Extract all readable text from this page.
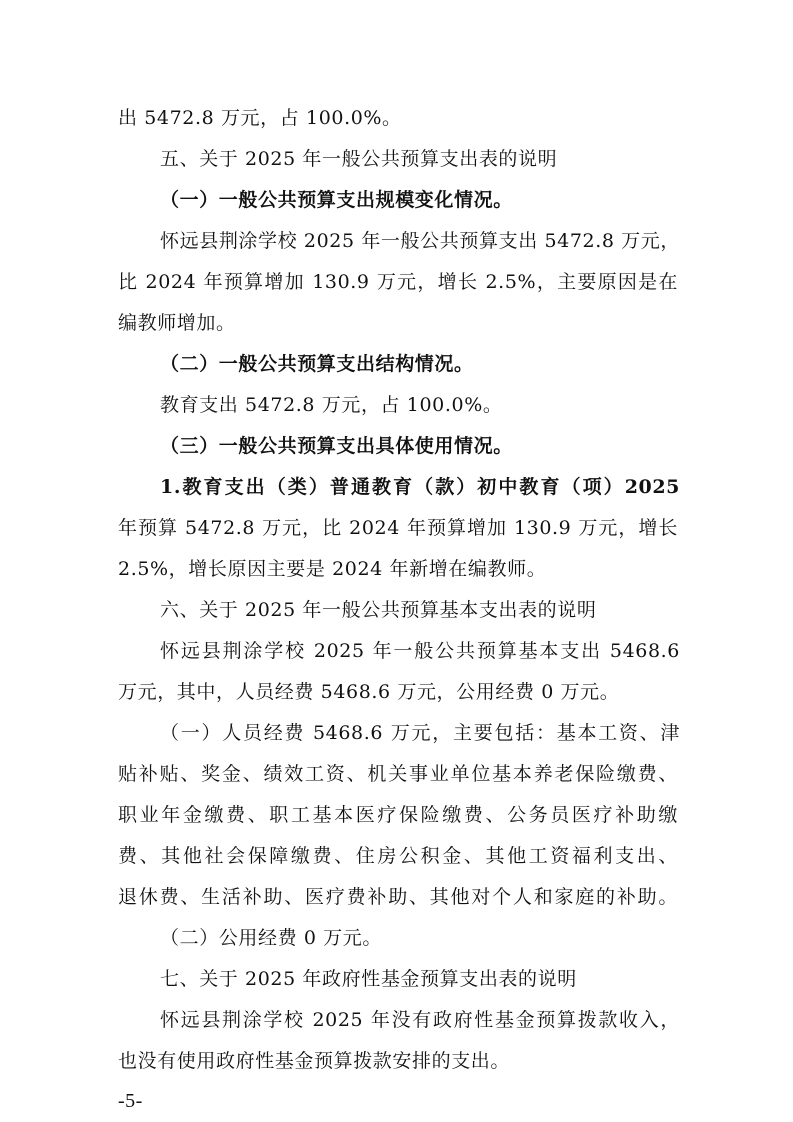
出 5472.8 万元，占 100.0%。
五、关于 2025 年一般公共预算支出表的说明
（一）一般公共预算支出规模变化情况。
怀远县荆涂学校 2025 年一般公共预算支出 5472.8 万元，
比 2024 年预算增加 130.9 万元，增长 2.5%，主要原因是在
编教师增加。
（二）一般公共预算支出结构情况。
教育支出 5472.8 万元，占 100.0%。
（三）一般公共预算支出具体使用情况。
1.教育支出（类）普通教育（款）初中教育（项）2025
年预算 5472.8 万元，比 2024 年预算增加 130.9 万元，增长
2.5%，增长原因主要是 2024 年新增在编教师。
六、关于 2025 年一般公共预算基本支出表的说明
怀远县荆涂学校 2025 年一般公共预算基本支出 5468.6
万元，其中，人员经费 5468.6 万元，公用经费 0 万元。
（一）人员经费 5468.6 万元，主要包括：基本工资、津
贴补贴、奖金、绩效工资、机关事业单位基本养老保险缴费、
职业年金缴费、职工基本医疗保险缴费、公务员医疗补助缴
费、其他社会保障缴费、住房公积金、其他工资福利支出、
退休费、生活补助、医疗费补助、其他对个人和家庭的补助。
（二）公用经费 0 万元。
七、关于 2025 年政府性基金预算支出表的说明
怀远县荆涂学校 2025 年没有政府性基金预算拨款收入，
也没有使用政府性基金预算拨款安排的支出。
-5-
